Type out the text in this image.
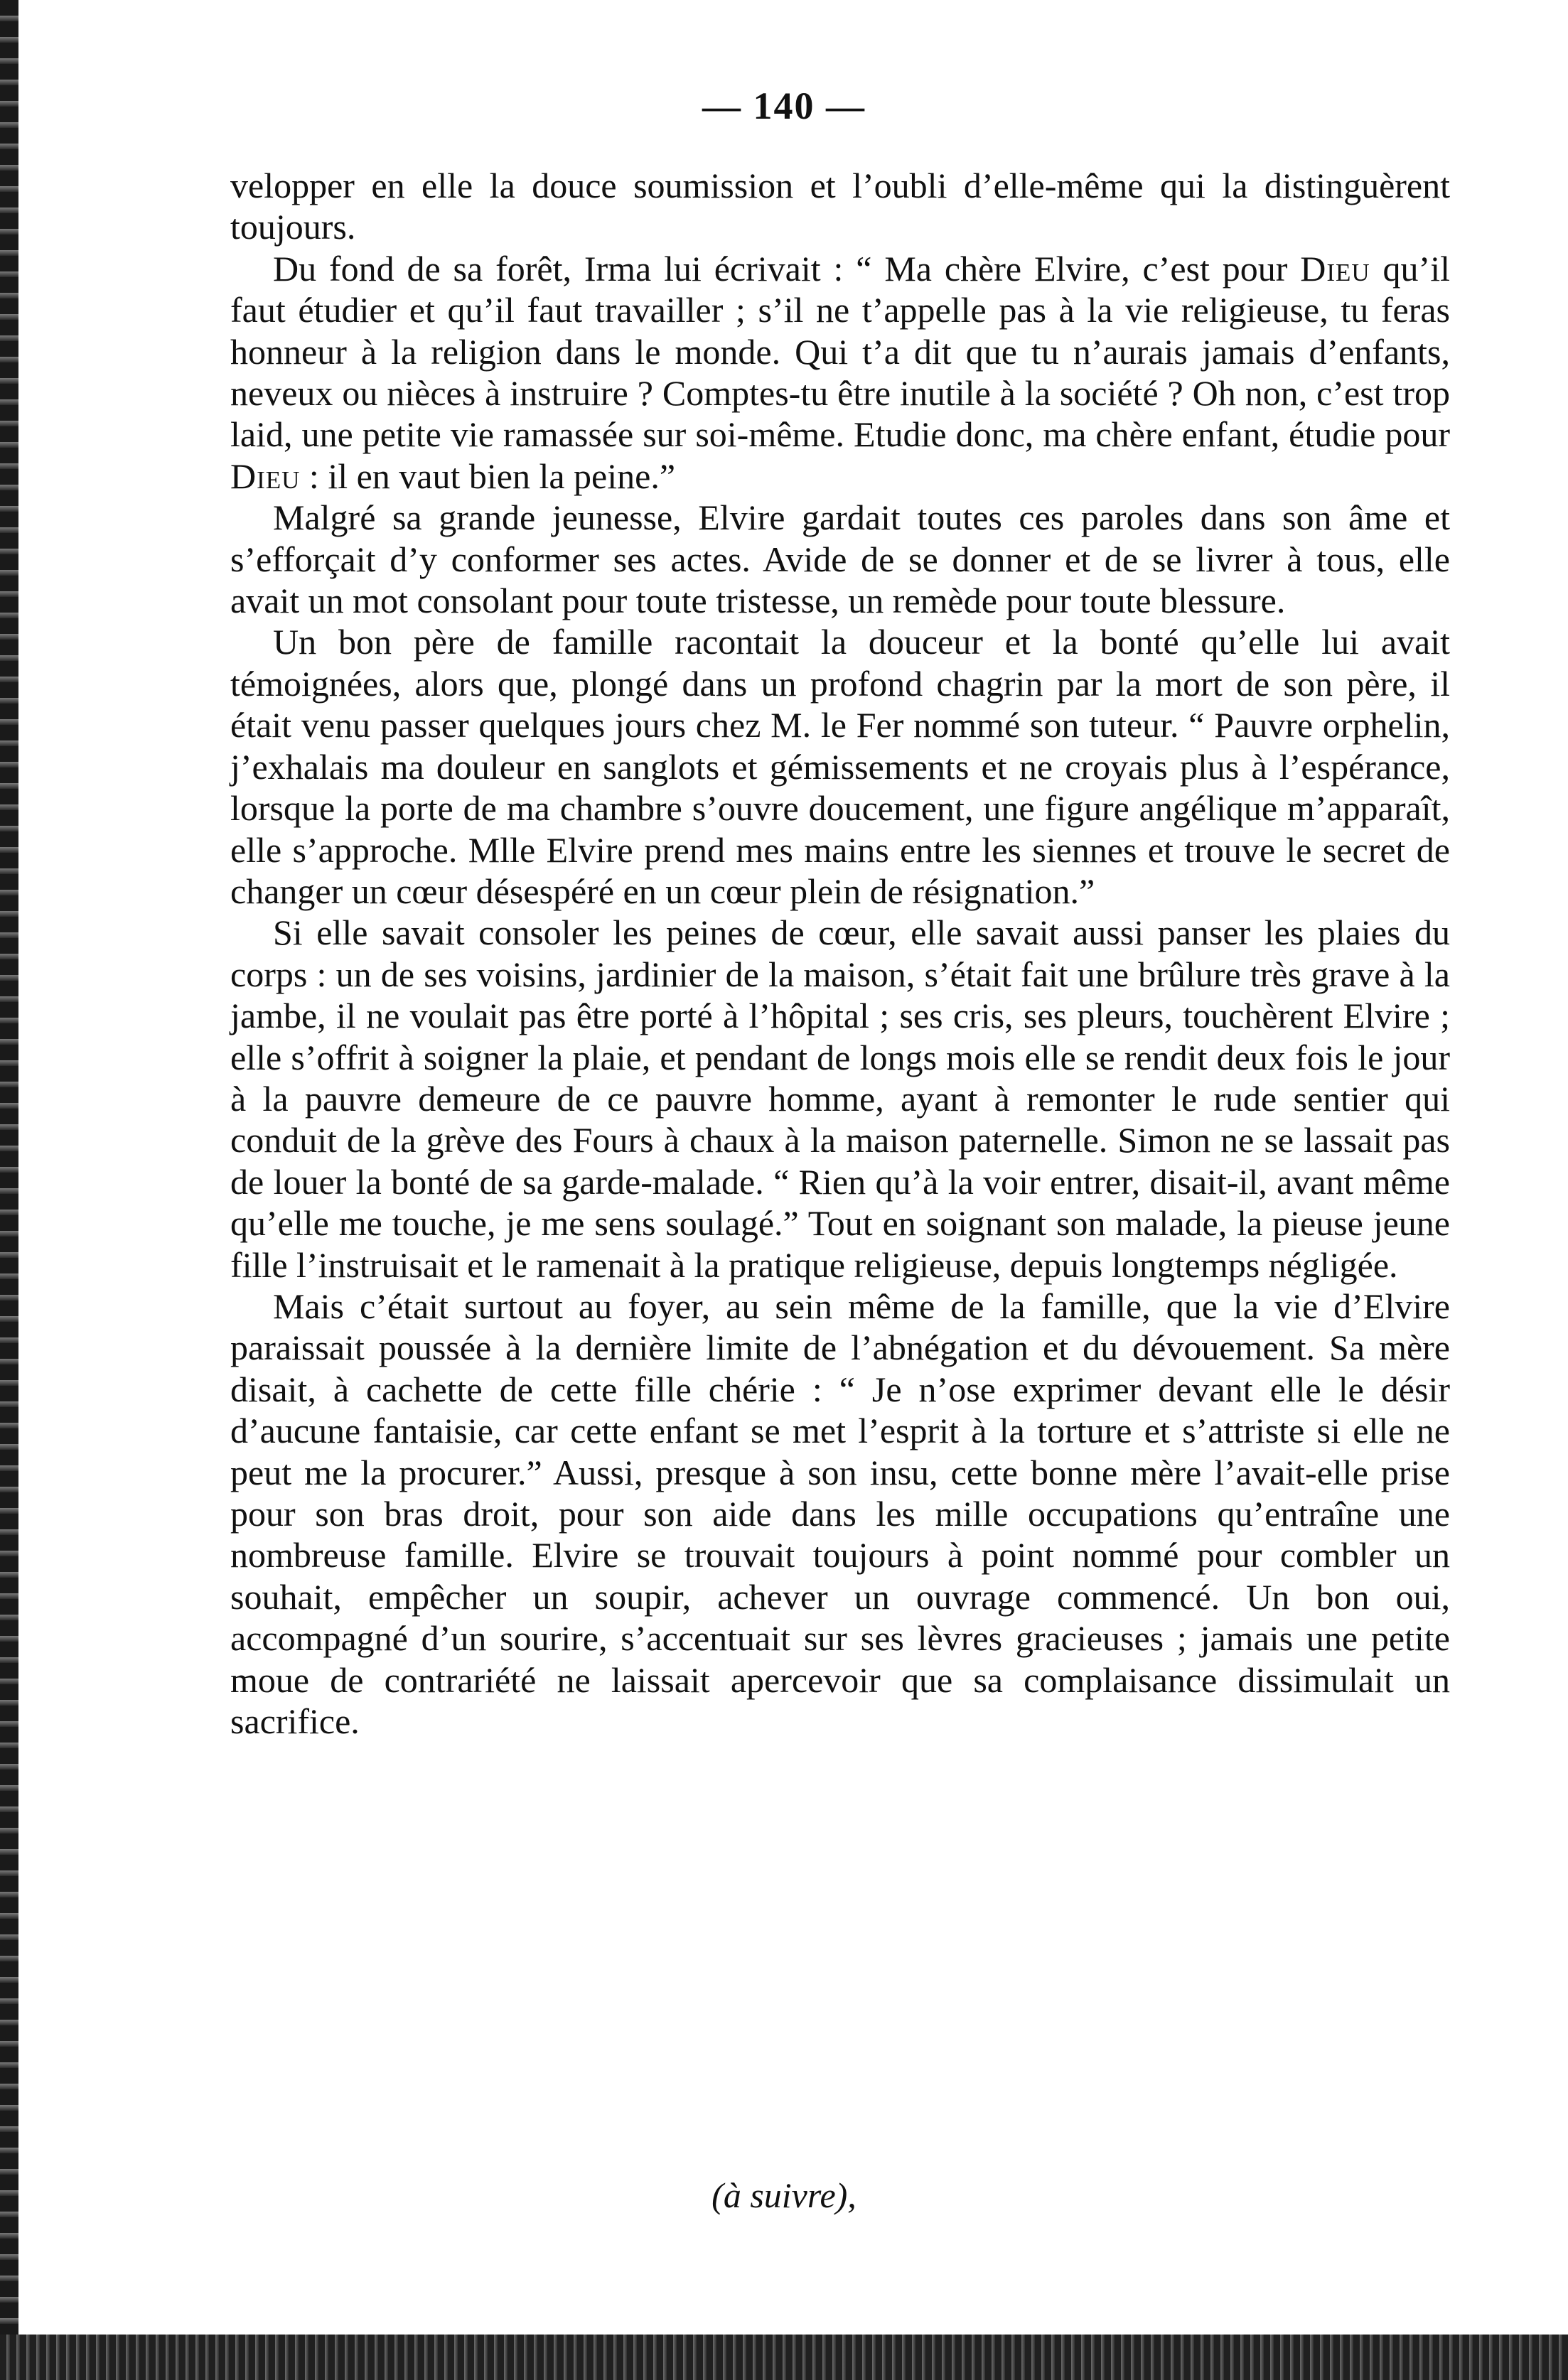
— 140 —

velopper en elle la douce soumission et l’oubli d’elle-même qui la distinguèrent toujours.

Du fond de sa forêt, Irma lui écrivait : “ Ma chère Elvire, c’est pour Dieu qu’il faut étudier et qu’il faut travailler ; s’il ne t’appelle pas à la vie religieuse, tu feras honneur à la religion dans le monde. Qui t’a dit que tu n’aurais jamais d’enfants, neveux ou nièces à instruire ? Comptes-tu être inutile à la société ? Oh non, c’est trop laid, une petite vie ramassée sur soi-même. Etudie donc, ma chère enfant, étudie pour Dieu : il en vaut bien la peine.”

Malgré sa grande jeunesse, Elvire gardait toutes ces paroles dans son âme et s’efforçait d’y conformer ses actes. Avide de se donner et de se livrer à tous, elle avait un mot consolant pour toute tristesse, un remède pour toute blessure.

Un bon père de famille racontait la douceur et la bonté qu’elle lui avait témoignées, alors que, plongé dans un profond chagrin par la mort de son père, il était venu passer quelques jours chez M. le Fer nommé son tuteur. “ Pauvre orphelin, j’exhalais ma douleur en sanglots et gémissements et ne croyais plus à l’espérance, lorsque la porte de ma chambre s’ouvre doucement, une figure angélique m’apparaît, elle s’approche. Mlle Elvire prend mes mains entre les siennes et trouve le secret de changer un cœur désespéré en un cœur plein de résignation.”

Si elle savait consoler les peines de cœur, elle savait aussi panser les plaies du corps : un de ses voisins, jardinier de la maison, s’était fait une brûlure très grave à la jambe, il ne voulait pas être porté à l’hôpital ; ses cris, ses pleurs, touchèrent Elvire ; elle s’offrit à soigner la plaie, et pendant de longs mois elle se rendit deux fois le jour à la pauvre demeure de ce pauvre homme, ayant à remonter le rude sentier qui conduit de la grève des Fours à chaux à la maison paternelle. Simon ne se lassait pas de louer la bonté de sa garde-malade. “ Rien qu’à la voir entrer, disait-il, avant même qu’elle me touche, je me sens soulagé.” Tout en soignant son malade, la pieuse jeune fille l’instruisait et le ramenait à la pratique religieuse, depuis longtemps négligée.

Mais c’était surtout au foyer, au sein même de la famille, que la vie d’Elvire paraissait poussée à la dernière limite de l’abnégation et du dévouement. Sa mère disait, à cachette de cette fille chérie : “ Je n’ose exprimer devant elle le désir d’aucune fantaisie, car cette enfant se met l’esprit à la torture et s’attriste si elle ne peut me la procurer.” Aussi, presque à son insu, cette bonne mère l’avait-elle prise pour son bras droit, pour son aide dans les mille occupations qu’entraîne une nombreuse famille. Elvire se trouvait toujours à point nommé pour combler un souhait, empêcher un soupir, achever un ouvrage commencé. Un bon oui, accompagné d’un sourire, s’accentuait sur ses lèvres gracieuses ; jamais une petite moue de contrariété ne laissait apercevoir que sa complaisance dissimulait un sacrifice.

(à suivre),
